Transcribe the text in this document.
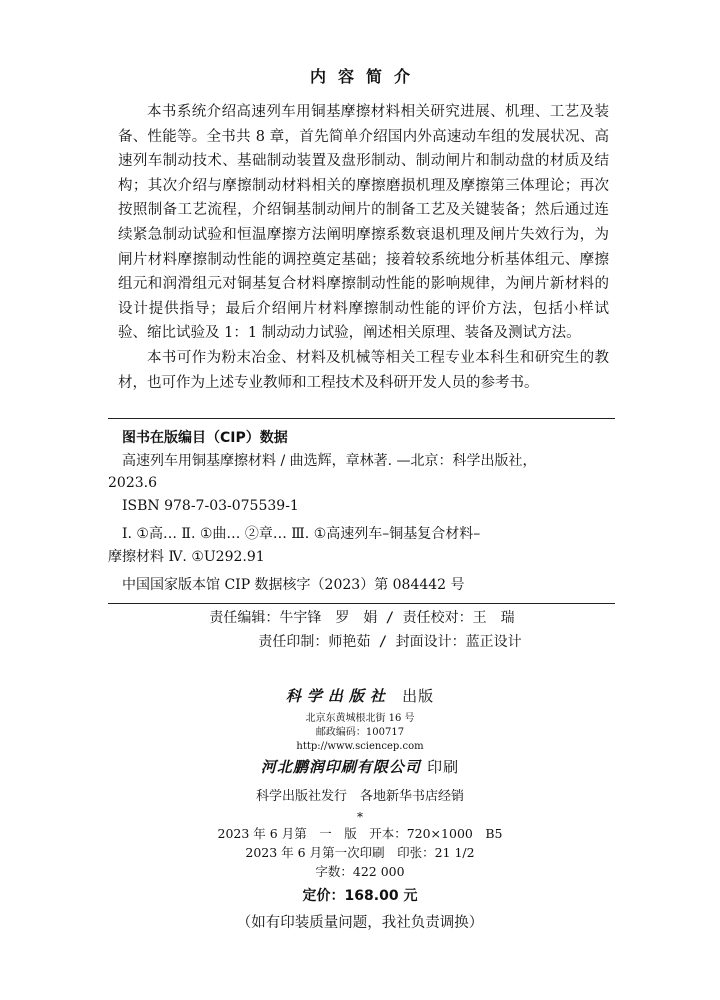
内容简介

本书系统介绍高速列车用铜基摩擦材料相关研究进展、机理、工艺及装备、性能等。全书共 8 章，首先简单介绍国内外高速动车组的发展状况、高速列车制动技术、基础制动装置及盘形制动、制动闸片和制动盘的材质及结构；其次介绍与摩擦制动材料相关的摩擦磨损机理及摩擦第三体理论；再次按照制备工艺流程，介绍铜基制动闸片的制备工艺及关键装备；然后通过连续紧急制动试验和恒温摩擦方法阐明摩擦系数衰退机理及闸片失效行为，为闸片材料摩擦制动性能的调控奠定基础；接着较系统地分析基体组元、摩擦组元和润滑组元对铜基复合材料摩擦制动性能的影响规律，为闸片新材料的设计提供指导；最后介绍闸片材料摩擦制动性能的评价方法，包括小样试验、缩比试验及 1：1 制动动力试验，阐述相关原理、装备及测试方法。

本书可作为粉末冶金、材料及机械等相关工程专业本科生和研究生的教材，也可作为上述专业教师和工程技术及科研开发人员的参考书。

图书在版编目（CIP）数据
高速列车用铜基摩擦材料 / 曲选辉，章林著. —北京：科学出版社，
2023.6
ISBN 978-7-03-075539-1
Ⅰ. ①高… Ⅱ. ①曲… ②章… Ⅲ. ①高速列车–铜基复合材料–
摩擦材料 Ⅳ. ①U292.91
中国国家版本馆 CIP 数据核字（2023）第 084442 号
责任编辑：牛宇锋　罗　娟 / 责任校对：王　瑞
责任印制：师艳茹 / 封面设计：蓝正设计
科学出版社 出版
北京东黄城根北街 16 号
邮政编码：100717
http://www.sciencep.com
河北鹏润印刷有限公司 印刷
科学出版社发行　各地新华书店经销
*
2023 年 6 月第　一　版　开本：720×1000　B5
2023 年 6 月第一次印刷　印张：21 1/2
字数：422 000
定价：168.00 元
（如有印装质量问题，我社负责调换）
